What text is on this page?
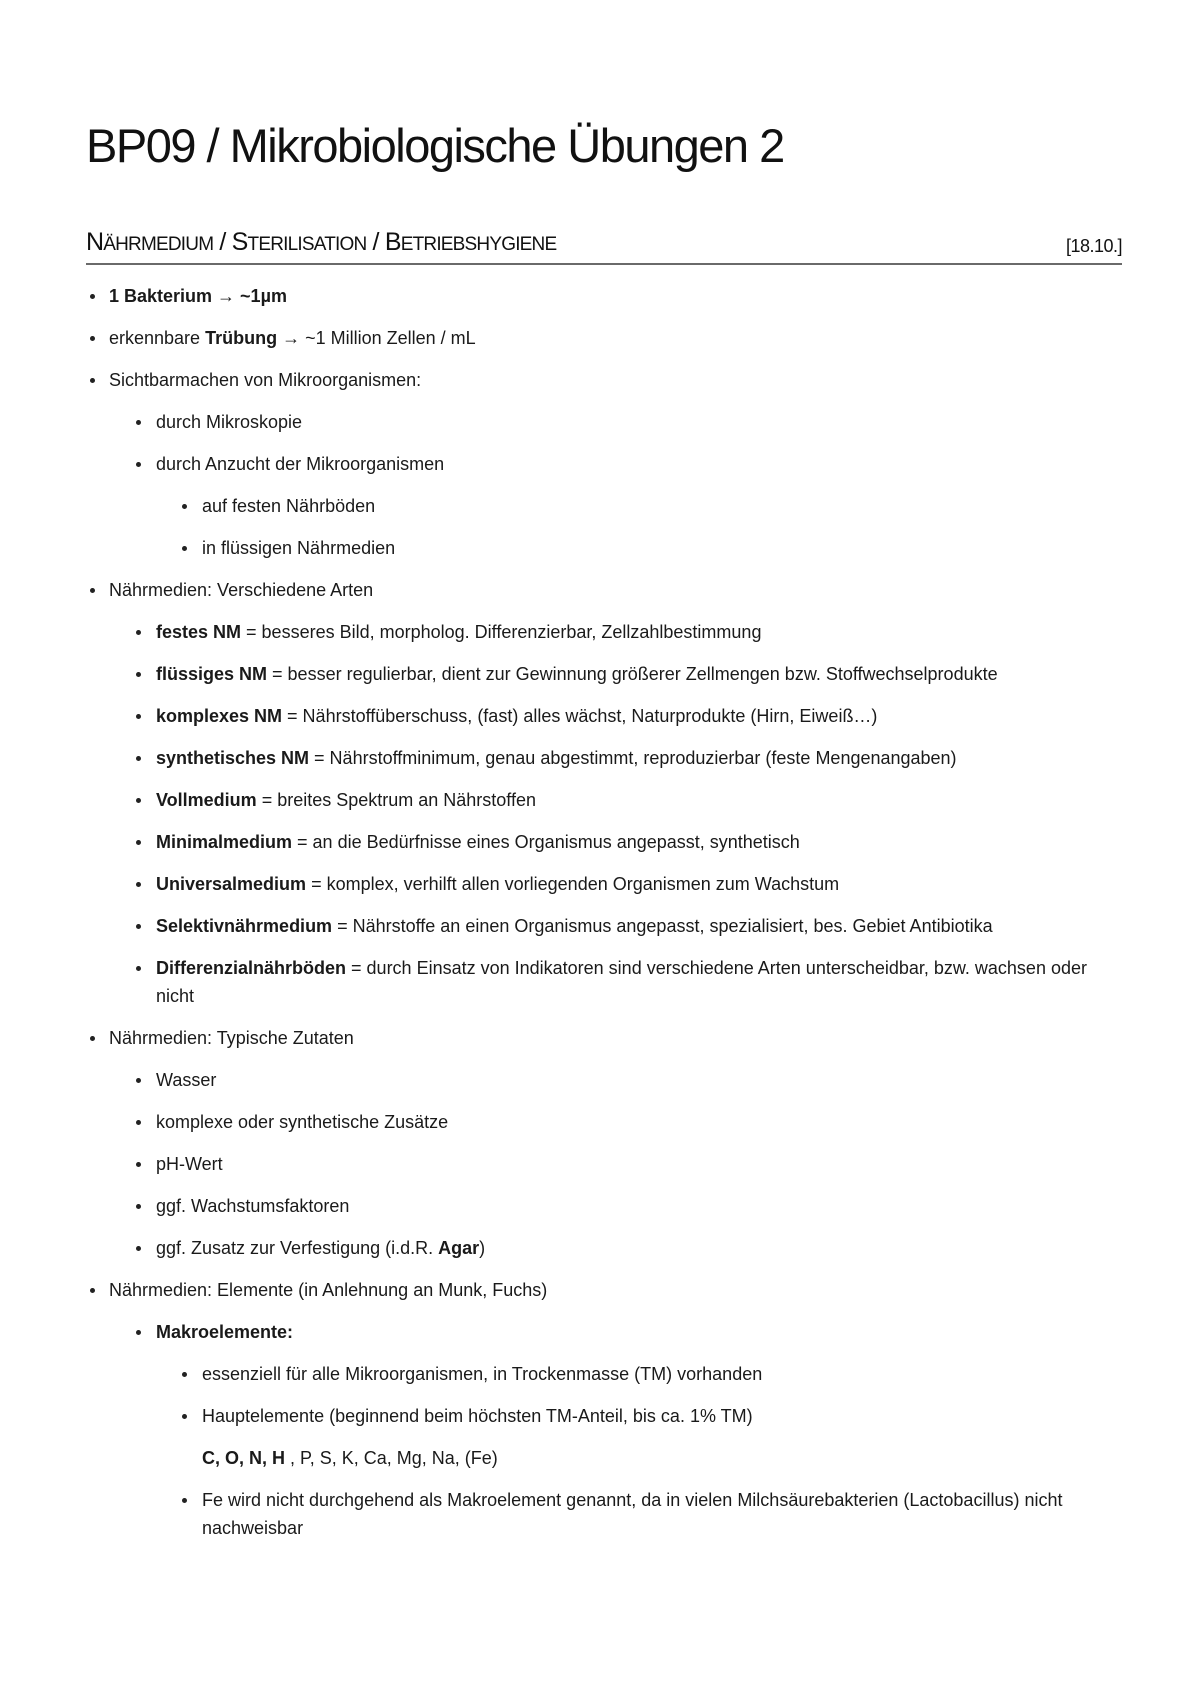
BP09 / Mikrobiologische Übungen 2
NÄHRMEDIUM / STERILISATION / BETRIEBSHYGIENE	[18.10.]
1 Bakterium → ~1µm
erkennbare Trübung → ~1 Million Zellen / mL
Sichtbarmachen von Mikroorganismen:
durch Mikroskopie
durch Anzucht der Mikroorganismen
auf festen Nährböden
in flüssigen Nährmedien
Nährmedien: Verschiedene Arten
festes NM = besseres Bild, morpholog. Differenzierbar, Zellzahlbestimmung
flüssiges NM = besser regulierbar, dient zur Gewinnung größerer Zellmengen bzw. Stoffwechselprodukte
komplexes NM = Nährstoffüberschuss, (fast) alles wächst, Naturprodukte (Hirn, Eiweiß…)
synthetisches NM = Nährstoffminimum, genau abgestimmt, reproduzierbar (feste Mengenangaben)
Vollmedium = breites Spektrum an Nährstoffen
Minimalmedium = an die Bedürfnisse eines Organismus angepasst, synthetisch
Universalmedium = komplex, verhilft allen vorliegenden Organismen zum Wachstum
Selektivnährmedium = Nährstoffe an einen Organismus angepasst, spezialisiert, bes. Gebiet Antibiotika
Differenzialnährböden = durch Einsatz von Indikatoren sind verschiedene Arten unterscheidbar, bzw. wachsen oder nicht
Nährmedien: Typische Zutaten
Wasser
komplexe oder synthetische Zusätze
pH-Wert
ggf. Wachstumsfaktoren
ggf. Zusatz zur Verfestigung (i.d.R. Agar)
Nährmedien: Elemente (in Anlehnung an Munk, Fuchs)
Makroelemente:
essenziell für alle Mikroorganismen, in Trockenmasse (TM) vorhanden
Hauptelemente (beginnend beim höchsten TM-Anteil, bis ca. 1% TM)
C, O, N, H , P, S, K, Ca, Mg, Na, (Fe)
Fe wird nicht durchgehend als Makroelement genannt, da in vielen Milchsäurebakterien (Lactobacillus) nicht nachweisbar
